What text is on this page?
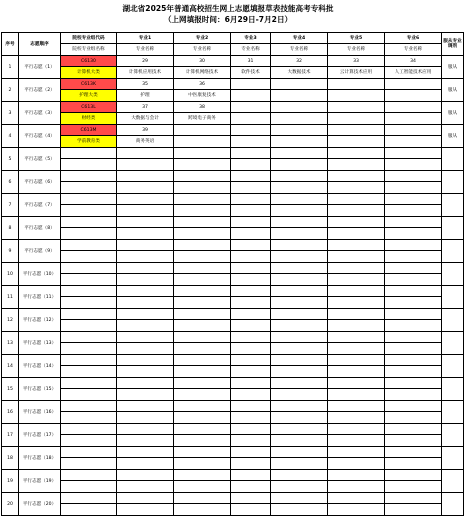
湖北省2025年普通高校招生网上志愿填报草表技能高考专科批
（上网填报时间：6月29日-7月2日）
序号	志愿顺序	院校专业组代码	专业1	专业2	专业3	专业4	专业5	专业6	服从专业调剂
		院校专业组名称	专业名称	专业名称	专业名称	专业名称	专业名称	专业名称	
1	平行志愿（1）	C6130	29	30	31	32	33	34	服从
		计算机大类	计算机应用技术	计算机网络技术	软件技术	大数据技术	云计算技术应用	人工智能技术应用	
2	平行志愿（2）	C613K	35	36					服从
		护理大类	护理	中医康复技术					
3	平行志愿（3）	C613L	37	38					服从
		财经类	大数据与会计	跨境电子商务					
4	平行志愿（4）	C613M	39						服从
		学前教育类	商务英语						
5	平行志愿（5）								

6	平行志愿（6）								

7	平行志愿（7）								

8	平行志愿（8）								

9	平行志愿（9）								

10	平行志愿（10）								

11	平行志愿（11）								

12	平行志愿（12）								

13	平行志愿（13）								

14	平行志愿（14）								

15	平行志愿（15）								

16	平行志愿（16）								

17	平行志愿（17）								

18	平行志愿（18）								

19	平行志愿（19）								

20	平行志愿（20）								
